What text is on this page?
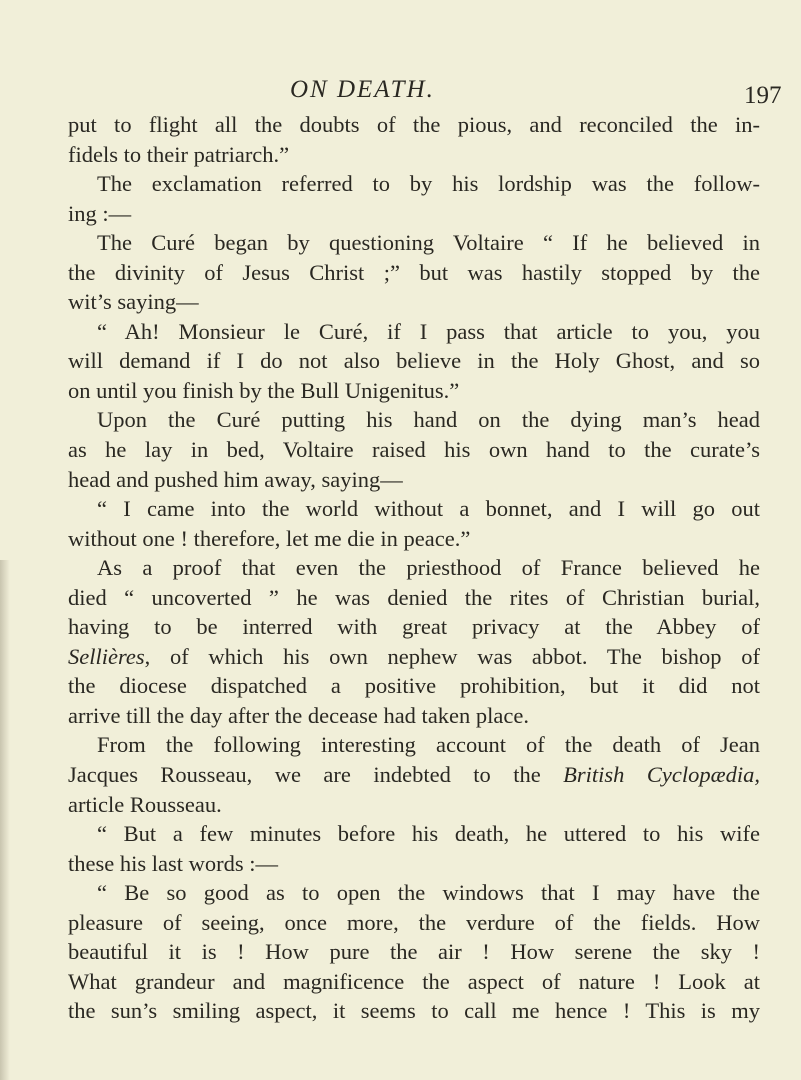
ON DEATH.	197
put to flight all the doubts of the pious, and reconciled the in-
fidels to their patriarch.”
The exclamation referred to by his lordship was the follow-
ing :—
The Curé began by questioning Voltaire “ If he believed in
the divinity of Jesus Christ ;” but was hastily stopped by the
wit’s saying—
“ Ah! Monsieur le Curé, if I pass that article to you, you
will demand if I do not also believe in the Holy Ghost, and so
on until you finish by the Bull Unigenitus.”
Upon the Curé putting his hand on the dying man’s head
as he lay in bed, Voltaire raised his own hand to the curate’s
head and pushed him away, saying—
“ I came into the world without a bonnet, and I will go out
without one ! therefore, let me die in peace.”
As a proof that even the priesthood of France believed he
died “ uncoverted ” he was denied the rites of Christian burial,
having to be interred with great privacy at the Abbey of
Sellières, of which his own nephew was abbot. The bishop of
the diocese dispatched a positive prohibition, but it did not
arrive till the day after the decease had taken place.
From the following interesting account of the death of Jean
Jacques Rousseau, we are indebted to the British Cyclopædia,
article Rousseau.
“ But a few minutes before his death, he uttered to his wife
these his last words :—
“ Be so good as to open the windows that I may have the
pleasure of seeing, once more, the verdure of the fields. How
beautiful it is ! How pure the air ! How serene the sky !
What grandeur and magnificence the aspect of nature ! Look at
the sun’s smiling aspect, it seems to call me hence ! This is my
